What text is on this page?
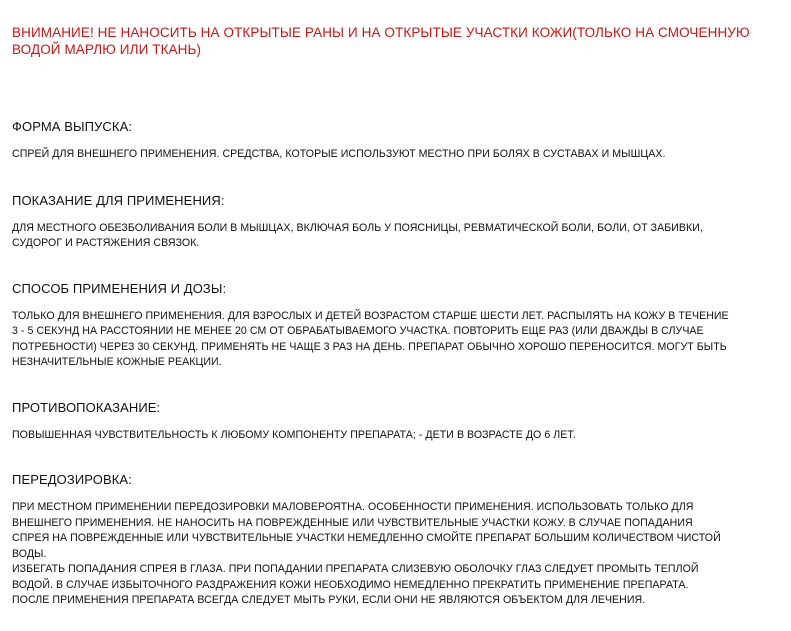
ВНИМАНИЕ! НЕ НАНОСИТЬ НА ОТКРЫТЫЕ РАНЫ И НА ОТКРЫТЫЕ УЧАСТКИ КОЖИ(ТОЛЬКО НА СМОЧЕННУЮ
ВОДОЙ МАРЛЮ ИЛИ ТКАНЬ)

ФОРМА ВЫПУСКА:

СПРЕЙ ДЛЯ ВНЕШНЕГО ПРИМЕНЕНИЯ. СРЕДСТВА, КОТОРЫЕ ИСПОЛЬЗУЮТ МЕСТНО ПРИ БОЛЯХ В СУСТАВАХ И МЫШЦАХ.

ПОКАЗАНИЕ ДЛЯ ПРИМЕНЕНИЯ:

ДЛЯ МЕСТНОГО ОБЕЗБОЛИВАНИЯ БОЛИ В МЫШЦАХ, ВКЛЮЧАЯ БОЛЬ У ПОЯСНИЦЫ, РЕВМАТИЧЕСКОЙ БОЛИ, БОЛИ, ОТ ЗАБИВКИ,
СУДОРОГ И РАСТЯЖЕНИЯ СВЯЗОК.

СПОСОБ ПРИМЕНЕНИЯ И ДОЗЫ:

ТОЛЬКО ДЛЯ ВНЕШНЕГО ПРИМЕНЕНИЯ. ДЛЯ ВЗРОСЛЫХ И ДЕТЕЙ ВОЗРАСТОМ СТАРШЕ ШЕСТИ ЛЕТ. РАСПЫЛЯТЬ НА КОЖУ В ТЕЧЕНИЕ
3 - 5 СЕКУНД НА РАССТОЯНИИ НЕ МЕНЕЕ 20 СМ ОТ ОБРАБАТЫВАЕМОГО УЧАСТКА. ПОВТОРИТЬ ЕЩЕ РАЗ (ИЛИ ДВАЖДЫ В СЛУЧАЕ
ПОТРЕБНОСТИ) ЧЕРЕЗ 30 СЕКУНД. ПРИМЕНЯТЬ НЕ ЧАЩЕ 3 РАЗ НА ДЕНЬ. ПРЕПАРАТ ОБЫЧНО ХОРОШО ПЕРЕНОСИТСЯ. МОГУТ БЫТЬ
НЕЗНАЧИТЕЛЬНЫЕ КОЖНЫЕ РЕАКЦИИ.

ПРОТИВОПОКАЗАНИЕ:

ПОВЫШЕННАЯ ЧУВСТВИТЕЛЬНОСТЬ К ЛЮБОМУ КОМПОНЕНТУ ПРЕПАРАТА; - ДЕТИ В ВОЗРАСТЕ ДО 6 ЛЕТ.

ПЕРЕДОЗИРОВКА:

ПРИ МЕСТНОМ ПРИМЕНЕНИИ ПЕРЕДОЗИРОВКИ МАЛОВЕРОЯТНА. ОСОБЕННОСТИ ПРИМЕНЕНИЯ. ИСПОЛЬЗОВАТЬ ТОЛЬКО ДЛЯ
ВНЕШНЕГО ПРИМЕНЕНИЯ. НЕ НАНОСИТЬ НА ПОВРЕЖДЕННЫЕ ИЛИ ЧУВСТВИТЕЛЬНЫЕ УЧАСТКИ КОЖУ. В СЛУЧАЕ ПОПАДАНИЯ
СПРЕЯ НА ПОВРЕЖДЕННЫЕ ИЛИ ЧУВСТВИТЕЛЬНЫЕ УЧАСТКИ НЕМЕДЛЕННО СМОЙТЕ ПРЕПАРАТ БОЛЬШИМ КОЛИЧЕСТВОМ ЧИСТОЙ
ВОДЫ.
ИЗБЕГАТЬ ПОПАДАНИЯ СПРЕЯ В ГЛАЗА. ПРИ ПОПАДАНИИ ПРЕПАРАТА СЛИЗЕВУЮ ОБОЛОЧКУ ГЛАЗ СЛЕДУЕТ ПРОМЫТЬ ТЕПЛОЙ
ВОДОЙ. В СЛУЧАЕ ИЗБЫТОЧНОГО РАЗДРАЖЕНИЯ КОЖИ НЕОБХОДИМО НЕМЕДЛЕННО ПРЕКРАТИТЬ ПРИМЕНЕНИЕ ПРЕПАРАТА.
ПОСЛЕ ПРИМЕНЕНИЯ ПРЕПАРАТА ВСЕГДА СЛЕДУЕТ МЫТЬ РУКИ, ЕСЛИ ОНИ НЕ ЯВЛЯЮТСЯ ОБЪЕКТОМ ДЛЯ ЛЕЧЕНИЯ.
